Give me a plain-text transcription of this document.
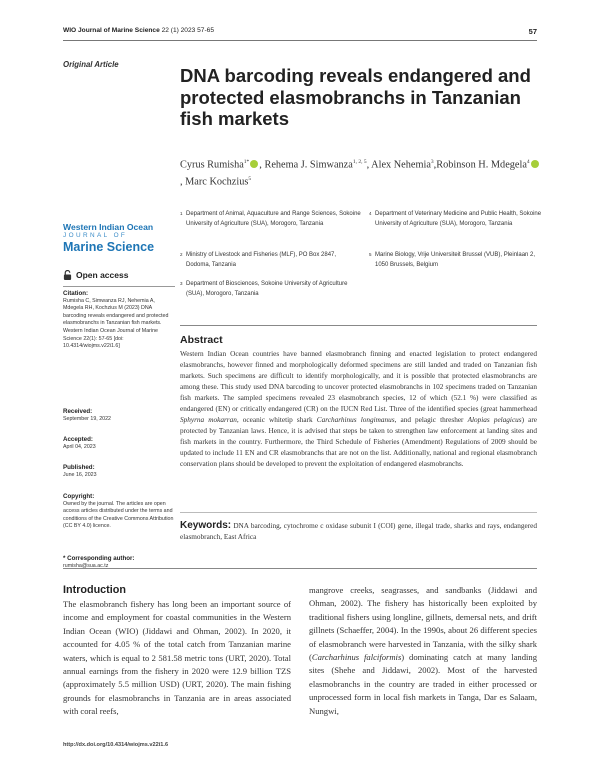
WIO Journal of Marine Science 22 (1) 2023 57-65	57
Original Article
Western Indian Ocean
JOURNAL OF
Marine Science
Open access
Citation:
Rumisha C, Simwanza RJ, Nehemia A, Mdegela RH, Kochzius M (2023) DNA barcoding reveals endangered and protected elasmobranchs in Tanzanian fish markets. Western Indian Ocean Journal of Marine Science 22(1): 57-65 [doi: 10.4314/wiojms.v22i1.6]
Received:
September 19, 2022
Accepted:
April 04, 2023
Published:
June 16, 2023
Copyright:
Owned by the journal. The articles are open access articles distributed under the terms and conditions of the Creative Commons Attribution (CC BY 4.0) licence.
* Corresponding author:
rumisha@sua.ac.tz
DNA barcoding reveals endangered and protected elasmobranchs in Tanzanian fish markets
Cyrus Rumisha$^{1*}$ , Rehema J. Simwanza$^{1, 2, 5}$, Alex Nehemia$^3$,Robinson H. Mdegela$^4$, Marc Kochzius$^5$
1 Department of Animal, Aquaculture and Range Sciences, Sokoine University of Agriculture (SUA), Morogoro, Tanzania
2 Ministry of Livestock and Fisheries (MLF), PO Box 2847, Dodoma, Tanzania
3 Department of Biosciences, Sokoine University of Agriculture (SUA), Morogoro, Tanzania
4 Department of Veterinary Medicine and Public Health, Sokoine University of Agriculture (SUA), Morogoro, Tanzania
5 Marine Biology, Vrije Universiteit Brussel (VUB), Pleinlaan 2, 1050 Brussels, Belgium
Abstract
Western Indian Ocean countries have banned elasmobranch finning and enacted legislation to protect endangered elasmobranchs, however finned and morphologically deformed specimens are still landed and traded on Tanzanian fish markets. Such specimens are difficult to identify morphologically, and it is possible that protected elasmobranchs are among these. This study used DNA barcoding to uncover protected elasmobranchs in 102 specimens traded on Tanzanian fish markets. The sampled specimens revealed 23 elasmobranch species, 12 of which (52.1 %) were classified as endangered (EN) or critically endangered (CR) on the IUCN Red List. Three of the identified species (great hammerhead Sphyrna mokarran, oceanic whitetip shark Carcharhinus longimanus, and pelagic thresher Alopias pelagicus) are protected by Tanzanian laws. Hence, it is advised that steps be taken to strengthen law enforcement at landing sites and fish markets in the country. Furthermore, the Third Schedule of Fisheries (Amendment) Regulations of 2009 should be updated to include 11 EN and CR elasmobranchs that are not on the list. Additionally, national and regional elasmobranch conservation plans should be developed to prevent the exploitation of endangered elasmobranchs.
Keywords: DNA barcoding, cytochrome c oxidase subunit I (COI) gene, illegal trade, sharks and rays, endangered elasmobranch, East Africa
Introduction
The elasmobranch fishery has long been an important source of income and employment for coastal communities in the Western Indian Ocean (WIO) (Jiddawi and Ohman, 2002). In 2020, it accounted for 4.05 % of the total catch from Tanzanian marine waters, which is equal to 2 581.58 metric tons (URT, 2020). Total annual earnings from the fishery in 2020 were 12.9 billion TZS (approximately 5.5 million USD) (URT, 2020). The main fishing grounds for elasmobranchs in Tanzania are in areas associated with coral reefs,
mangrove creeks, seagrasses, and sandbanks (Jiddawi and Ohman, 2002). The fishery has historically been exploited by traditional fishers using longline, gillnets, demersal nets, and drift gillnets (Schaeffer, 2004). In the 1990s, about 26 different species of elasmobranch were harvested in Tanzania, with the silky shark (Carcharhinus falciformis) dominating catch at many landing sites (Shehe and Jiddawi, 2002). Most of the harvested elasmobranchs in the country are traded in either processed or unprocessed form in local fish markets in Tanga, Dar es Salaam, Nungwi,
http://dx.doi.org/10.4314/wiojms.v22i1.6
